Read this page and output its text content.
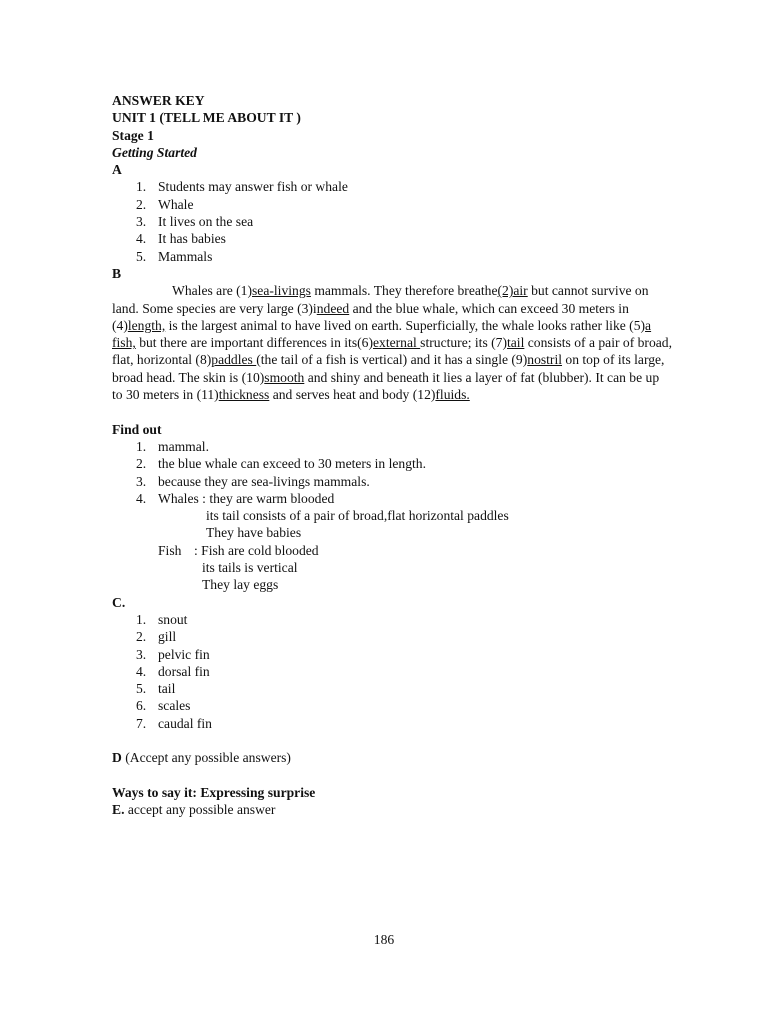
ANSWER KEY
UNIT 1 (TELL ME ABOUT IT )
Stage 1
Getting Started
A
1. Students may answer fish or whale
2. Whale
3. It lives on the sea
4. It has babies
5. Mammals
B
Whales are (1)sea-livings mammals. They therefore breathe(2)air but cannot survive on land. Some species are very large (3)indeed and the blue whale, which can exceed 30 meters in (4)length, is the largest animal to have lived on earth. Superficially, the whale looks rather like (5)a fish, but there are important differences in its(6)external structure; its (7)tail consists of a pair of broad, flat, horizontal (8)paddles (the tail of a fish is vertical) and it has a single (9)nostril on top of its large, broad head. The skin is (10)smooth and shiny and beneath it lies a layer of fat (blubber). It can be up to 30 meters in (11)thickness and serves heat and body (12)fluids.
Find out
1. mammal.
2. the blue whale can exceed to 30 meters in length.
3. because they are sea-livings mammals.
4. Whales : they are warm blooded
its tail consists of a pair of broad,flat horizontal paddles
They have babies
Fish : Fish are cold blooded
its tails is vertical
They lay eggs
C.
1. snout
2. gill
3. pelvic fin
4. dorsal fin
5. tail
6. scales
7. caudal fin
D (Accept any possible answers)
Ways to say it: Expressing surprise
E. accept any possible answer
186
